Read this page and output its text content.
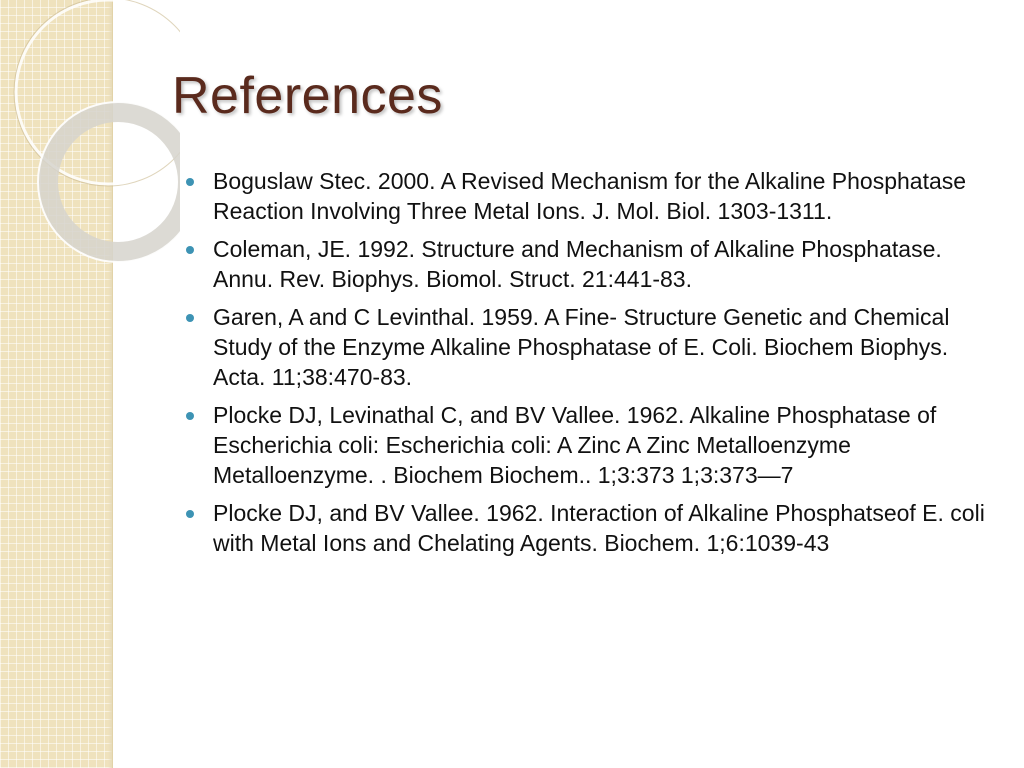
References
Boguslaw Stec. 2000. A Revised Mechanism for the Alkaline Phosphatase Reaction Involving Three Metal Ions. J. Mol. Biol. 1303-1311.
Coleman, JE. 1992. Structure and Mechanism of Alkaline Phosphatase. Annu. Rev. Biophys. Biomol. Struct. 21:441-83.
Garen, A and C Levinthal. 1959. A Fine- Structure Genetic and Chemical Study of the Enzyme Alkaline Phosphatase of E. Coli. Biochem Biophys. Acta. 11;38:470-83.
Plocke DJ, Levinathal C, and BV Vallee. 1962. Alkaline Phosphatase of Escherichia coli: Escherichia coli: A Zinc A Zinc Metalloenzyme Metalloenzyme. . Biochem Biochem.. 1;3:373 1;3:373—7
Plocke DJ, and BV Vallee. 1962. Interaction of Alkaline Phosphatseof E. coli with Metal Ions and Chelating Agents. Biochem. 1;6:1039-43
